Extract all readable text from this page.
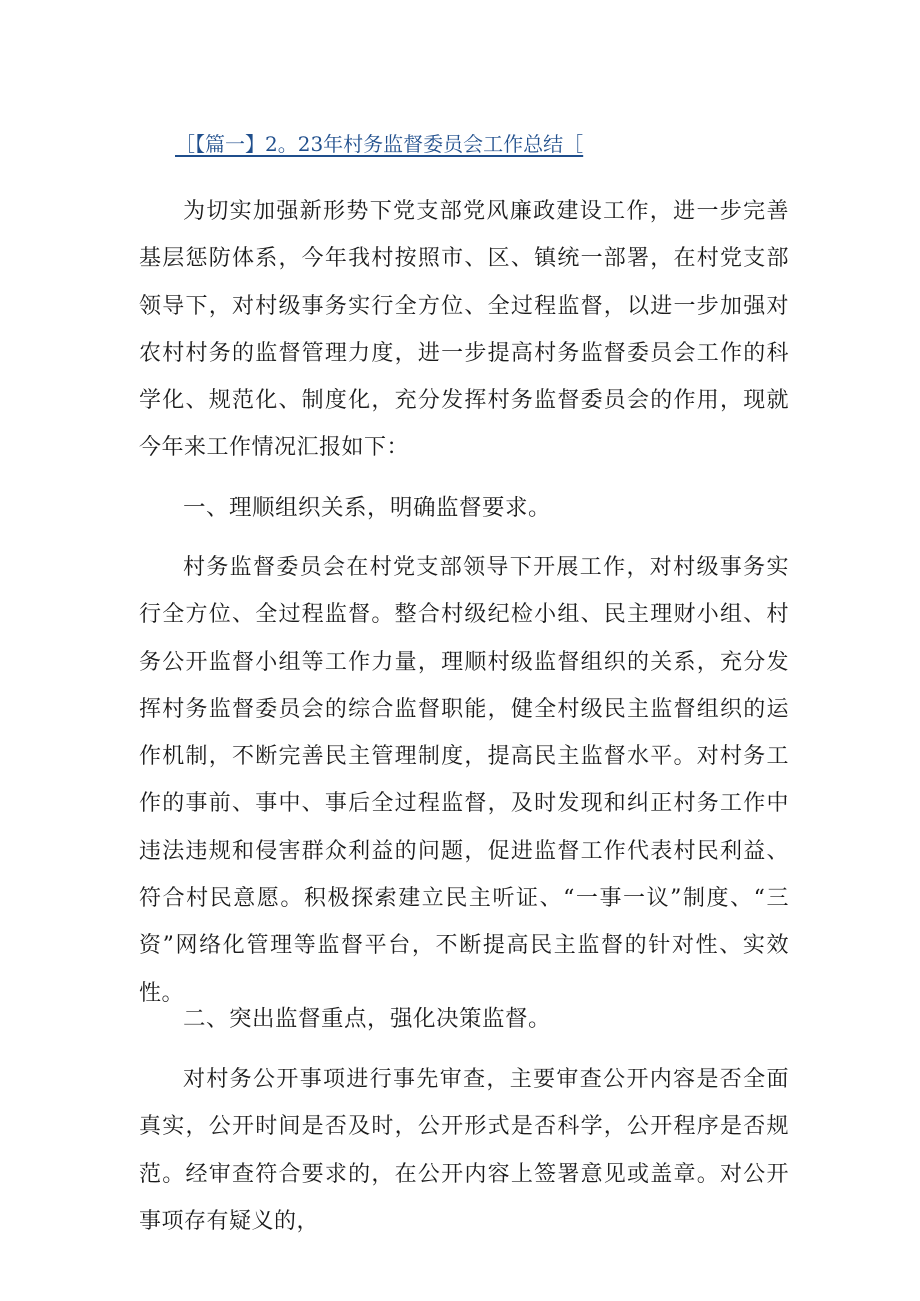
［【篇一】2。23年村务监督委员会工作总结［
为切实加强新形势下党支部党风廉政建设工作，进一步完善基层惩防体系，今年我村按照市、区、镇统一部署，在村党支部领导下，对村级事务实行全方位、全过程监督，以进一步加强对农村村务的监督管理力度，进一步提高村务监督委员会工作的科学化、规范化、制度化，充分发挥村务监督委员会的作用，现就今年来工作情况汇报如下：
一、理顺组织关系，明确监督要求。
村务监督委员会在村党支部领导下开展工作，对村级事务实行全方位、全过程监督。整合村级纪检小组、民主理财小组、村务公开监督小组等工作力量，理顺村级监督组织的关系，充分发挥村务监督委员会的综合监督职能，健全村级民主监督组织的运作机制，不断完善民主管理制度，提高民主监督水平。对村务工作的事前、事中、事后全过程监督，及时发现和纠正村务工作中违法违规和侵害群众利益的问题，促进监督工作代表村民利益、符合村民意愿。积极探索建立民主听证、“一事一议”制度、“三资”网络化管理等监督平台，不断提高民主监督的针对性、实效性。
二、突出监督重点，强化决策监督。
对村务公开事项进行事先审查，主要审查公开内容是否全面真实，公开时间是否及时，公开形式是否科学，公开程序是否规范。经审查符合要求的，在公开内容上签署意见或盖章。对公开事项存有疑义的，
